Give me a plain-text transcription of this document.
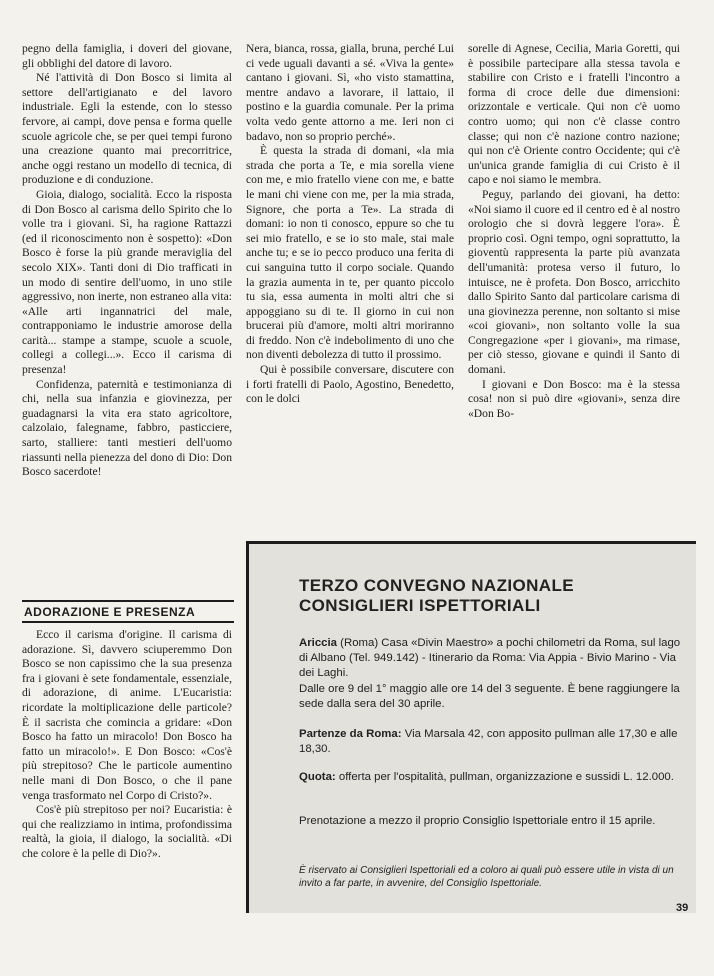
pegno della famiglia, i doveri del giovane, gli obblighi del datore di lavoro.

Né l'attività di Don Bosco si limita al settore dell'artigianato e del lavoro industriale. Egli la estende, con lo stesso fervore, ai campi, dove pensa e forma quelle scuole agricole che, se per quei tempi furono una creazione quanto mai precorritrice, anche oggi restano un modello di tecnica, di produzione e di conduzione.

Gioia, dialogo, socialità. Ecco la risposta di Don Bosco al carisma dello Spirito che lo volle tra i giovani. Sì, ha ragione Rattazzi (ed il riconoscimento non è sospetto): «Don Bosco è forse la più grande meraviglia del secolo XIX». Tanti doni di Dio trafficati in un modo di sentire dell'uomo, in uno stile aggressivo, non inerte, non estraneo alla vita: «Alle arti ingannatrici del male, contrapponiamo le industrie amorose della carità... stampe a stampe, scuole a scuole, collegi a collegi...». Ecco il carisma di presenza!

Confidenza, paternità e testimonianza di chi, nella sua infanzia e giovinezza, per guadagnarsi la vita era stato agricoltore, calzolaio, falegname, fabbro, pasticciere, sarto, stalliere: tanti mestieri dell'uomo riassunti nella pienezza del dono di Dio: Don Bosco sacerdote!

ADORAZIONE E PRESENZA

Ecco il carisma d'origine. Il carisma di adorazione. Sì, davvero sciuperemmo Don Bosco se non capissimo che la sua presenza fra i giovani è sete fondamentale, essenziale, di adorazione, di anime. L'Eucaristia: ricordate la moltiplicazione delle particole? È il sacrista che comincia a gridare: «Don Bosco ha fatto un miracolo! Don Bosco ha fatto un miracolo!». E Don Bosco: «Cos'è più strepitoso? Che le particole aumentino nelle mani di Don Bosco, o che il pane venga trasformato nel Corpo di Cristo?».

Cos'è più strepitoso per noi? Eucaristia: è qui che realizziamo in intima, profondissima realtà, la gioia, il dialogo, la socialità. «Di che colore è la pelle di Dio?».

Nera, bianca, rossa, gialla, bruna, perché Lui ci vede uguali davanti a sé. «Viva la gente» cantano i giovani. Sì, «ho visto stamattina, mentre andavo a lavorare, il lattaio, il postino e la guardia comunale. Per la prima volta vedo gente attorno a me. Ieri non ci badavo, non so proprio perché».

È questa la strada di domani, «la mia strada che porta a Te, e mia sorella viene con me, e mio fratello viene con me, e batte le mani chi viene con me, per la mia strada, Signore, che porta a Te». La strada di domani: io non ti conosco, eppure so che tu sei mio fratello, e se io sto male, stai male anche tu; e se io pecco produco una ferita di cui sanguina tutto il corpo sociale. Quando la grazia aumenta in te, per quanto piccolo tu sia, essa aumenta in molti altri che si appoggiano su di te. Il giorno in cui non brucerai più d'amore, molti altri moriranno di freddo. Non c'è indebolimento di uno che non diventi debolezza di tutto il prossimo.

Qui è possibile conversare, discutere con i forti fratelli di Paolo, Agostino, Benedetto, con le dolci

sorelle di Agnese, Cecilia, Maria Goretti, qui è possibile partecipare alla stessa tavola e stabilire con Cristo e i fratelli l'incontro a forma di croce delle due dimensioni: orizzontale e verticale. Qui non c'è uomo contro uomo; qui non c'è classe contro classe; qui non c'è nazione contro nazione; qui non c'è Oriente contro Occidente; qui c'è un'unica grande famiglia di cui Cristo è il capo e noi siamo le membra.

Peguy, parlando dei giovani, ha detto: «Noi siamo il cuore ed il centro ed è al nostro orologio che si dovrà leggere l'ora». È proprio così. Ogni tempo, ogni soprattutto, la gioventù rappresenta la parte più avanzata dell'umanità: protesa verso il futuro, lo intuisce, ne è profeta. Don Bosco, arricchito dallo Spirito Santo dal particolare carisma di una giovinezza perenne, non soltanto si mise «coi giovani», non soltanto volle la sua Congregazione «per i giovani», ma rimase, per ciò stesso, giovane e quindi il Santo di domani.

I giovani e Don Bosco: ma è la stessa cosa! non si può dire «giovani», senza dire «Don Bo-

TERZO CONVEGNO NAZIONALE
CONSIGLIERI ISPETTORIALI
Ariccia (Roma) Casa «Divin Maestro» a pochi chilometri da Roma, sul lago di Albano (Tel. 949.142) - Itinerario da Roma: Via Appia - Bivio Marino - Via dei Laghi.
Dalle ore 9 del 1° maggio alle ore 14 del 3 seguente. È bene raggiungere la sede dalla sera del 30 aprile.
Partenze da Roma: Via Marsala 42, con apposito pullman alle 17,30 e alle 18,30.
Quota: offerta per l'ospitalità, pullman, organizzazione e sussidi L. 12.000.
Prenotazione a mezzo il proprio Consiglio Ispettoriale entro il 15 aprile.
È riservato ai Consiglieri Ispettoriali ed a coloro ai quali può essere utile in vista di un invito a far parte, in avvenire, del Consiglio Ispettoriale.
39
